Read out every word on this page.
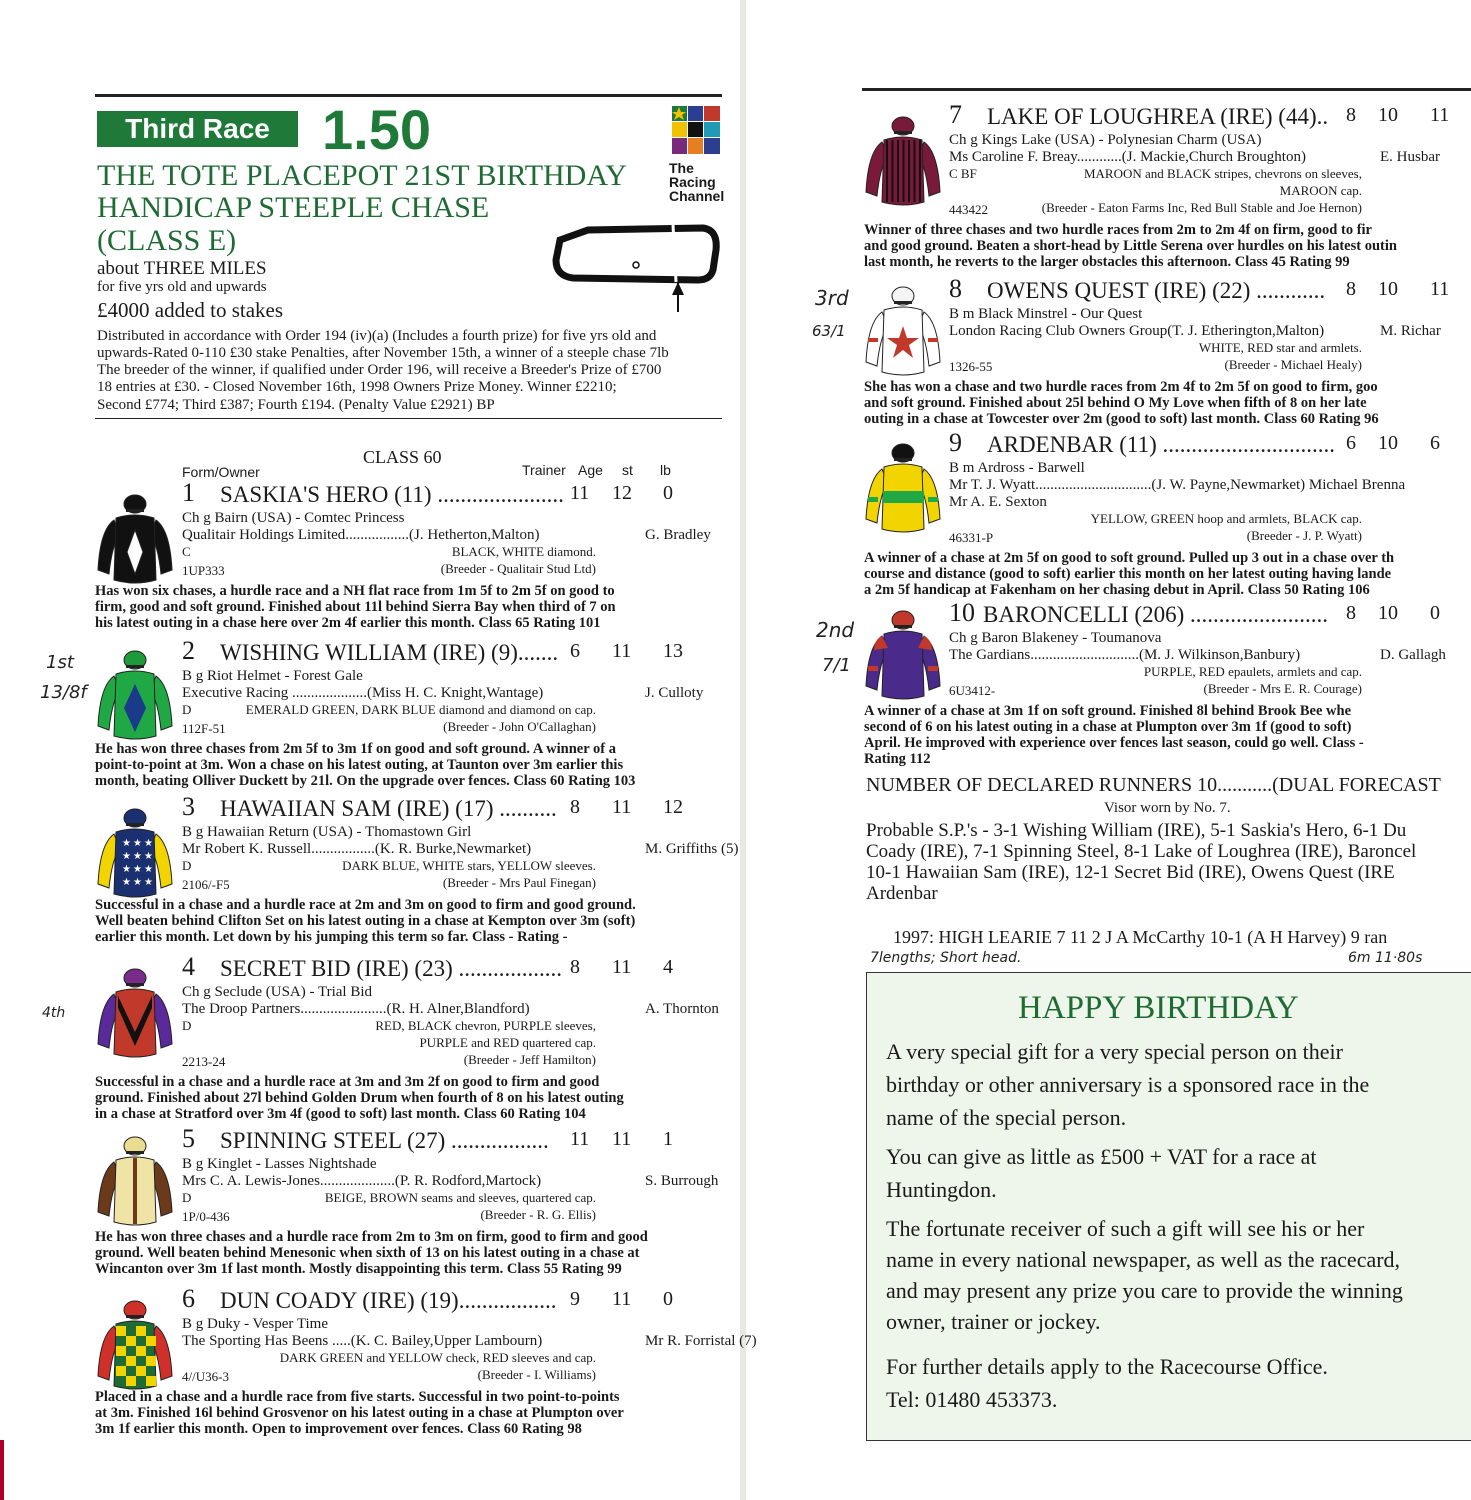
Third Race 1.50
The
Racing
Channel
THE TOTE PLACEPOT 21ST BIRTHDAY
HANDICAP STEEPLE CHASE
(CLASS E)
about THREE MILES
for five yrs old and upwards
£4000 added to stakes
Distributed in accordance with Order 194 (iv)(a) (Includes a fourth prize) for five yrs old and
upwards-Rated 0-110 £30 stake Penalties, after November 15th, a winner of a steeple chase 7lb
The breeder of the winner, if qualified under Order 196, will receive a Breeder's Prize of £700
18 entries at £30. - Closed November 16th, 1998 Owners Prize Money. Winner £2210;
Second £774; Third £387; Fourth £194. (Penalty Value £2921) BP
CLASS 60
Form/Owner	Trainer Age st lb
1 SASKIA'S HERO (11) ...................... 11 12 0
Ch g Bairn (USA) - Comtec Princess
Qualitair Holdings Limited.................(J. Hetherton,Malton)	G. Bradley
C	BLACK, WHITE diamond.
1UP333	(Breeder - Qualitair Stud Ltd)
Has won six chases, a hurdle race and a NH flat race from 1m 5f to 2m 5f on good to
firm, good and soft ground. Finished about 11l behind Sierra Bay when third of 7 on
his latest outing in a chase here over 2m 4f earlier this month. Class 65 Rating 101
2 WISHING WILLIAM (IRE) (9)....... 6 11 13
B g Riot Helmet - Forest Gale
Executive Racing ....................(Miss H. C. Knight,Wantage)	J. Culloty
D	EMERALD GREEN, DARK BLUE diamond and diamond on cap.
112F-51	(Breeder - John O'Callaghan)
He has won three chases from 2m 5f to 3m 1f on good and soft ground. A winner of a
point-to-point at 3m. Won a chase on his latest outing, at Taunton over 3m earlier this
month, beating Olliver Duckett by 21l. On the upgrade over fences. Class 60 Rating 103
★ ★ ★
★ ★ ★
★ ★ ★
★ ★ ★
3 HAWAIIAN SAM (IRE) (17) .......... 8 11 12
B g Hawaiian Return (USA) - Thomastown Girl
Mr Robert K. Russell.................(K. R. Burke,Newmarket)	M. Griffiths (5)
D	DARK BLUE, WHITE stars, YELLOW sleeves.
2106/-F5	(Breeder - Mrs Paul Finegan)
Successful in a chase and a hurdle race at 2m and 3m on good to firm and good ground.
Well beaten behind Clifton Set on his latest outing in a chase at Kempton over 3m (soft)
earlier this month. Let down by his jumping this term so far. Class - Rating -
4 SECRET BID (IRE) (23) .................. 8 11 4
Ch g Seclude (USA) - Trial Bid
The Droop Partners.......................(R. H. Alner,Blandford)	A. Thornton
D	RED, BLACK chevron, PURPLE sleeves,
PURPLE and RED quartered cap.
2213-24	(Breeder - Jeff Hamilton)
Successful in a chase and a hurdle race at 3m and 3m 2f on good to firm and good
ground. Finished about 27l behind Golden Drum when fourth of 8 on his latest outing
in a chase at Stratford over 3m 4f (good to soft) last month. Class 60 Rating 104
5 SPINNING STEEL (27) ................. 11 11 1
B g Kinglet - Lasses Nightshade
Mrs C. A. Lewis-Jones....................(P. R. Rodford,Martock)	S. Burrough
D	BEIGE, BROWN seams and sleeves, quartered cap.
1P/0-436	(Breeder - R. G. Ellis)
He has won three chases and a hurdle race from 2m to 3m on firm, good to firm and good
ground. Well beaten behind Menesonic when sixth of 13 on his latest outing in a chase at
Wincanton over 3m 1f last month. Mostly disappointing this term. Class 55 Rating 99
6 DUN COADY (IRE) (19)................. 9 11 0
B g Duky - Vesper Time
The Sporting Has Beens .....(K. C. Bailey,Upper Lambourn)	Mr R. Forristal (7)
DARK GREEN and YELLOW check, RED sleeves and cap.
4//U36-3	(Breeder - I. Williams)
Placed in a chase and a hurdle race from five starts. Successful in two point-to-points
at 3m. Finished 16l behind Grosvenor on his latest outing in a chase at Plumpton over
3m 1f earlier this month. Open to improvement over fences. Class 60 Rating 98
7 LAKE OF LOUGHREA (IRE) (44).. 8 10 11
Ch g Kings Lake (USA) - Polynesian Charm (USA)
Ms Caroline F. Breay............(J. Mackie,Church Broughton)	E. Husbar
C BF	MAROON and BLACK stripes, chevrons on sleeves,
MAROON cap.
443422	(Breeder - Eaton Farms Inc, Red Bull Stable and Joe Hernon)
Winner of three chases and two hurdle races from 2m to 2m 4f on firm, good to fir
and good ground. Beaten a short-head by Little Serena over hurdles on his latest outin
last month, he reverts to the larger obstacles this afternoon. Class 45 Rating 99
8 OWENS QUEST (IRE) (22) ............ 8 10 11
B m Black Minstrel - Our Quest
London Racing Club Owners Group(T. J. Etherington,Malton)	M. Richar
WHITE, RED star and armlets.
1326-55	(Breeder - Michael Healy)
She has won a chase and two hurdle races from 2m 4f to 2m 5f on good to firm, goo
and soft ground. Finished about 25l behind O My Love when fifth of 8 on her late
outing in a chase at Towcester over 2m (good to soft) last month. Class 60 Rating 96
9 ARDENBAR (11) .............................. 6 10 6
B m Ardross - Barwell
Mr T. J. Wyatt...............................(J. W. Payne,Newmarket) Michael Brenna
Mr A. E. Sexton
YELLOW, GREEN hoop and armlets, BLACK cap.
46331-P	(Breeder - J. P. Wyatt)
A winner of a chase at 2m 5f on good to soft ground. Pulled up 3 out in a chase over th
course and distance (good to soft) earlier this month on her latest outing having lande
a 2m 5f handicap at Fakenham on her chasing debut in April. Class 50 Rating 106
10 BARONCELLI (206) ........................ 8 10 0
Ch g Baron Blakeney - Toumanova
The Gardians.............................(M. J. Wilkinson,Banbury)	D. Gallagh
PURPLE, RED epaulets, armlets and cap.
6U3412-	(Breeder - Mrs E. R. Courage)
A winner of a chase at 3m 1f on soft ground. Finished 8l behind Brook Bee whe
second of 6 on his latest outing in a chase at Plumpton over 3m 1f (good to soft)
April. He improved with experience over fences last season, could go well. Class -
Rating 112
NUMBER OF DECLARED RUNNERS 10...........(DUAL FORECAST
Visor worn by No. 7.
Probable S.P.'s - 3-1 Wishing William (IRE), 5-1 Saskia's Hero, 6-1 Du
Coady (IRE), 7-1 Spinning Steel, 8-1 Lake of Loughrea (IRE), Baroncel
10-1 Hawaiian Sam (IRE), 12-1 Secret Bid (IRE), Owens Quest (IRE
Ardenbar
1997: HIGH LEARIE 7 11 2 J A McCarthy 10-1 (A H Harvey) 9 ran
7lengths; Short head.	6m 11·80s
1st
13/8f
4th
3rd
63/1
2nd
7/1
HAPPY BIRTHDAY
A very special gift for a very special person on their
birthday or other anniversary is a sponsored race in the
name of the special person.
You can give as little as £500 + VAT for a race at
Huntingdon.
The fortunate receiver of such a gift will see his or her
name in every national newspaper, as well as the racecard,
and may present any prize you care to provide the winning
owner, trainer or jockey.
For further details apply to the Racecourse Office.
Tel: 01480 453373.
